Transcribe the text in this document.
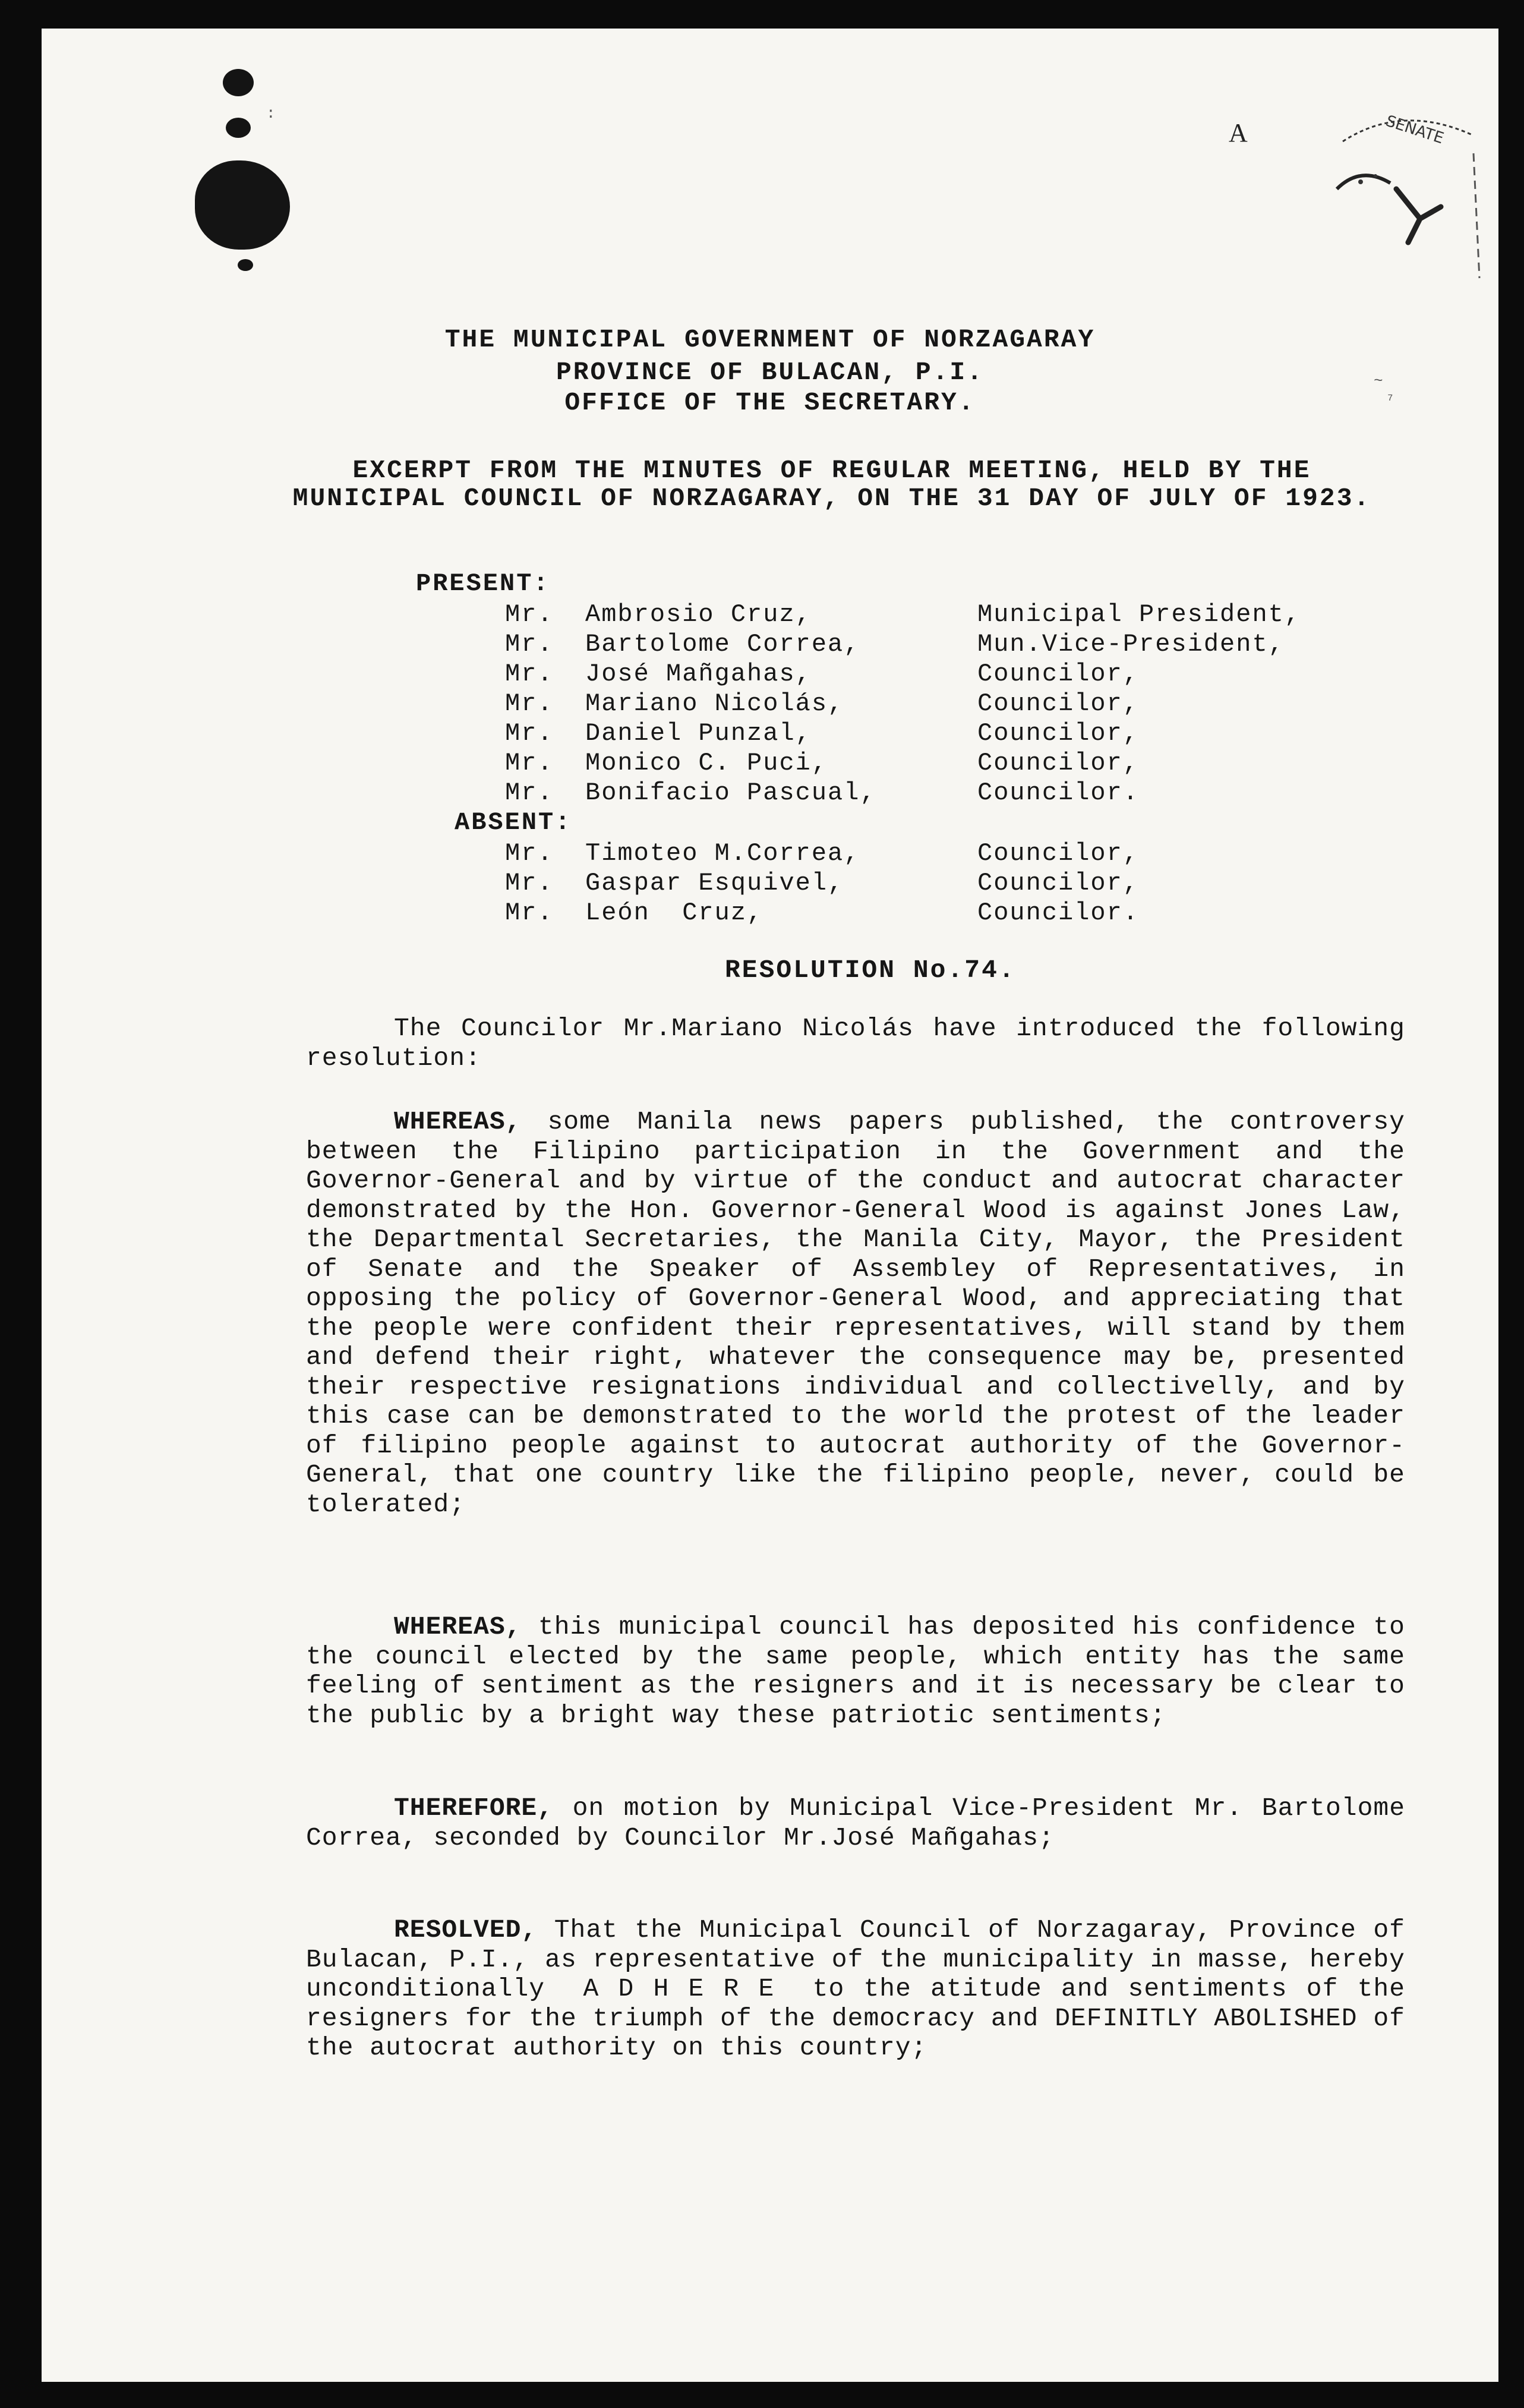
A	SENATE
~
⁷
:
THE MUNICIPAL GOVERNMENT OF NORZAGARAY
PROVINCE OF BULACAN, P.I.
OFFICE OF THE SECRETARY.
EXCERPT FROM THE MINUTES OF REGULAR MEETING, HELD BY THE MUNICIPAL COUNCIL OF NORZAGARAY, ON THE 31 DAY OF JULY OF 1923.
PRESENT:
Mr. Ambrosio Cruz,	Municipal President,
Mr. Bartolome Correa,	Mun.Vice-President,
Mr. José Mañgahas,	Councilor,
Mr. Mariano Nicolás,	Councilor,
Mr. Daniel Punzal,	Councilor,
Mr. Monico C. Puci,	Councilor,
Mr. Bonifacio Pascual,	Councilor.
ABSENT:
Mr. Timoteo M.Correa,	Councilor,
Mr. Gaspar Esquivel,	Councilor,
Mr. León  Cruz,	Councilor.
RESOLUTION No.74.
The Councilor Mr.Mariano Nicolás have introduced the following resolution:
WHEREAS, some Manila news papers published, the controversy between the Filipino participation in the Government and the Governor-General and by virtue of the conduct and autocrat character demonstrated by the Hon. Governor-General Wood is against Jones Law, the Departmental Secretaries, the Manila City, Mayor, the President of Senate and the Speaker of Assembley of Representatives, in opposing the policy of Governor-General Wood, and appreciating that the people were confident their representatives, will stand by them and defend their right, whatever the consequence may be, presented their respective resignations individual and collectivelly, and by this case can be demonstrated to the world the protest of the leader of filipino people against to autocrat authority of the Governor-General, that one country like the filipino people, never, could be tolerated;
WHEREAS, this municipal council has deposited his confidence to the council elected by the same people, which entity has the same feeling of sentiment as the resigners and it is necessary be clear to the public by a bright way these patriotic sentiments;
THEREFORE, on motion by Municipal Vice-President Mr. Bartolome Correa, seconded by Councilor Mr.José Mañgahas;
RESOLVED, That the Municipal Council of Norzagaray, Province of Bulacan, P.I., as representative of the municipality in masse, hereby unconditionally  A D H E R E  to the atitude and sentiments of the resigners for the triumph of the democracy and DEFINITLY ABOLISHED of the autocrat authority on this country;
